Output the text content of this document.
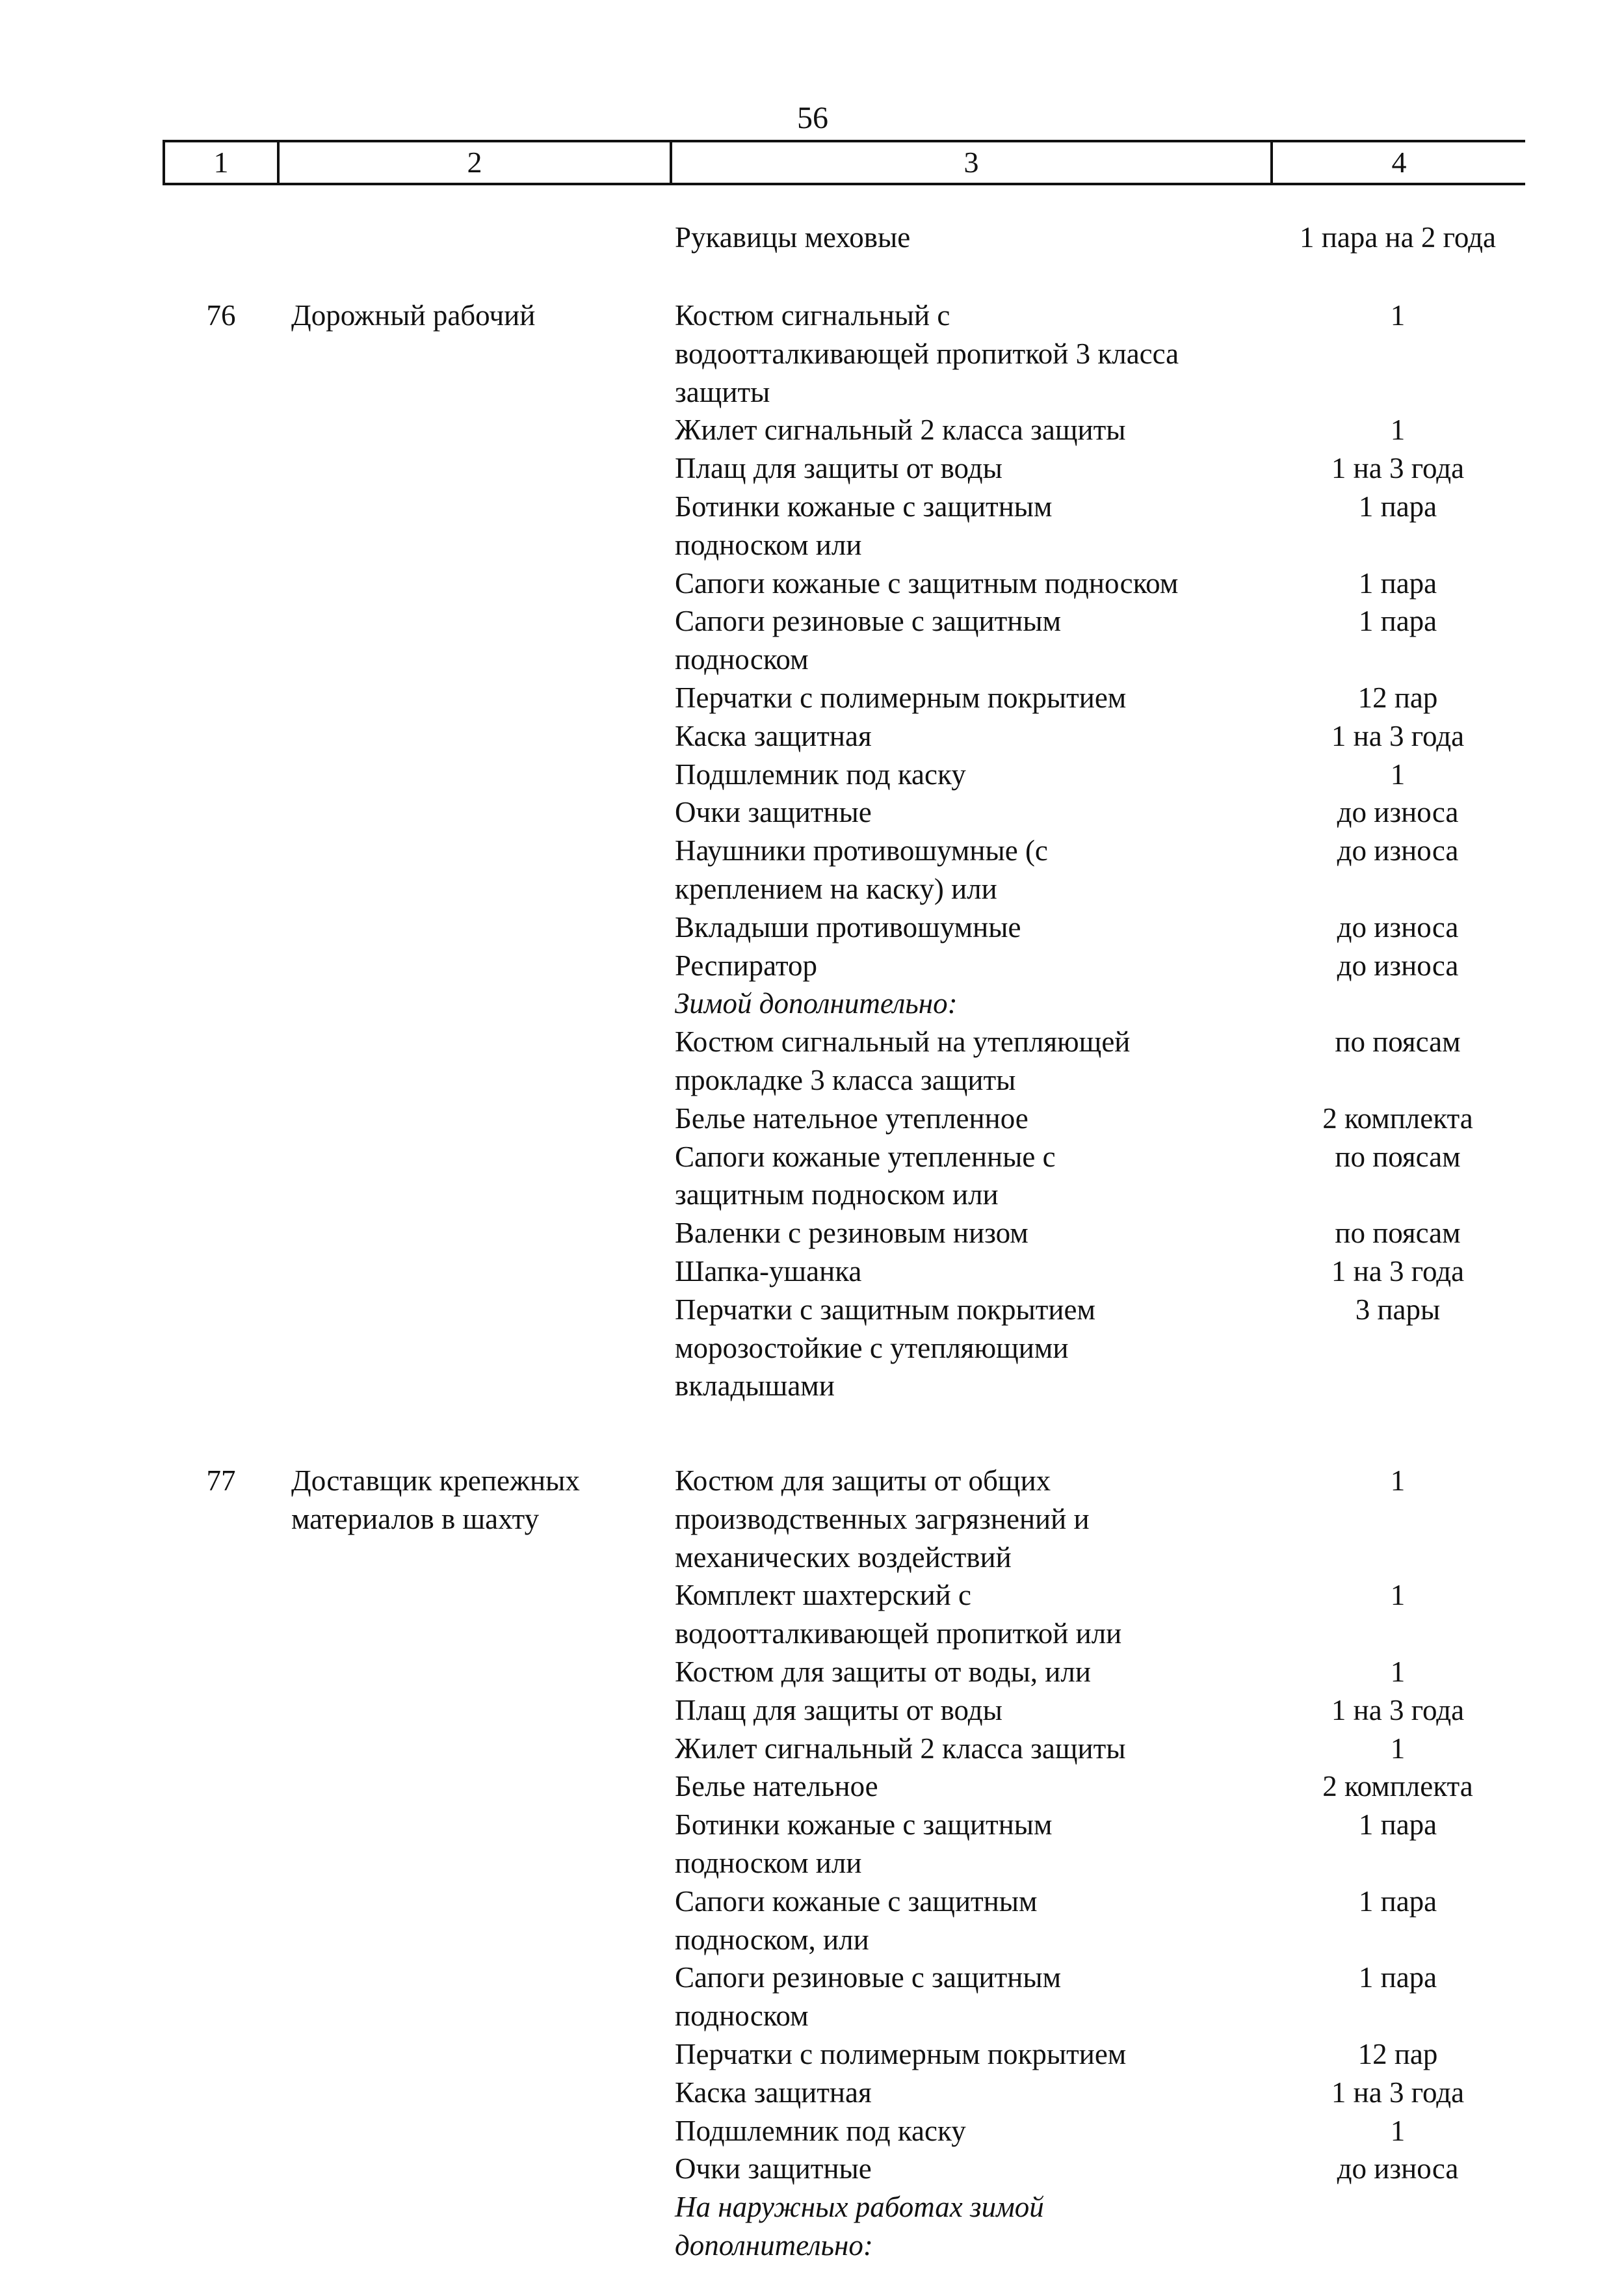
56
1	2	3	4
Рукавицы меховые	1 пара на 2 года
76	Дорожный рабочий	Костюм сигнальный с	1
водоотталкивающей пропиткой 3 класса
защиты
Жилет сигнальный 2 класса защиты	1
Плащ для защиты от воды	1 на 3 года
Ботинки кожаные с защитным	1 пара
подноском или
Сапоги кожаные с защитным подноском	1 пара
Сапоги резиновые с защитным	1 пара
подноском
Перчатки с полимерным покрытием	12 пар
Каска защитная	1 на 3 года
Подшлемник под каску	1
Очки защитные	до износа
Наушники противошумные (с	до износа
креплением на каску) или
Вкладыши противошумные	до износа
Респиратор	до износа
Зимой дополнительно:
Костюм сигнальный на утепляющей	по поясам
прокладке 3 класса защиты
Белье нательное утепленное	2 комплекта
Сапоги кожаные утепленные с	по поясам
защитным подноском или
Валенки с резиновым низом	по поясам
Шапка-ушанка	1 на 3 года
Перчатки с защитным покрытием	3 пары
морозостойкие с утепляющими
вкладышами
77	Доставщик крепежных
материалов в шахту
Костюм для защиты от общих	1
производственных загрязнений и
механических воздействий
Комплект шахтерский с	1
водоотталкивающей пропиткой или
Костюм для защиты от воды, или	1
Плащ для защиты от воды	1 на 3 года
Жилет сигнальный 2 класса защиты	1
Белье нательное	2 комплекта
Ботинки кожаные с защитным	1 пара
подноском или
Сапоги кожаные с защитным	1 пара
подноском, или
Сапоги резиновые с защитным	1 пара
подноском
Перчатки с полимерным покрытием	12 пар
Каска защитная	1 на 3 года
Подшлемник под каску	1
Очки защитные	до износа
На наружных работах зимой
дополнительно:
